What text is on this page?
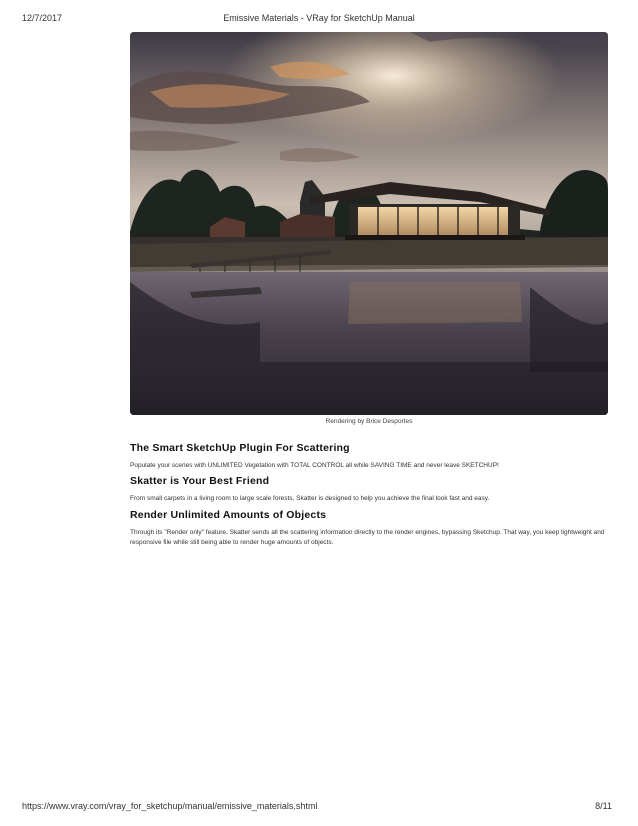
12/7/2017	Emissive Materials - VRay for SketchUp Manual
Rendering by Brice Desportes
The Smart SketchUp Plugin For Scattering

Populate your scenes with UNLIMITED Vegetation with TOTAL CONTROL all while SAVING TIME and never leave SKETCHUP!

Skatter is Your Best Friend

From small carpets in a living room to large scale forests, Skatter is designed to help you achieve the final look fast and easy.

Render Unlimited Amounts of Objects

Through its "Render only" feature, Skatter sends all the scattering information directly to the render engines, bypassing Sketchup. That way, you keep lightweight and responsive file while still being able to render huge amounts of objects.

https://www.vray.com/vray_for_sketchup/manual/emissive_materials.shtml	8/11
